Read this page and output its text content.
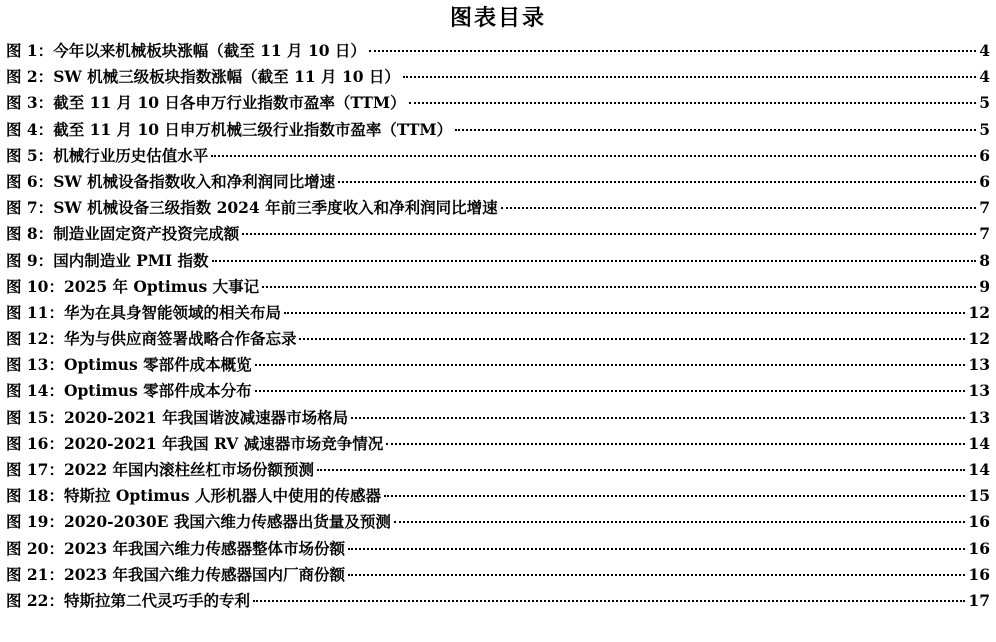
图表目录
图 1： 今年以来机械板块涨幅（截至 11 月 10 日）	4
图 2： SW 机械三级板块指数涨幅（截至 11 月 10 日）	4
图 3： 截至 11 月 10 日各申万行业指数市盈率（TTM）	5
图 4： 截至 11 月 10 日申万机械三级行业指数市盈率（TTM）	5
图 5： 机械行业历史估值水平	6
图 6： SW 机械设备指数收入和净利润同比增速	6
图 7： SW 机械设备三级指数 2024 年前三季度收入和净利润同比增速	7
图 8： 制造业固定资产投资完成额	7
图 9： 国内制造业 PMI 指数	8
图 10： 2025 年 Optimus 大事记	9
图 11： 华为在具身智能领域的相关布局	12
图 12： 华为与供应商签署战略合作备忘录	12
图 13： Optimus 零部件成本概览	13
图 14： Optimus 零部件成本分布	13
图 15： 2020-2021 年我国谐波减速器市场格局	13
图 16： 2020-2021 年我国 RV 减速器市场竞争情况	14
图 17： 2022 年国内滚柱丝杠市场份额预测	14
图 18： 特斯拉 Optimus 人形机器人中使用的传感器	15
图 19： 2020-2030E 我国六维力传感器出货量及预测	16
图 20： 2023 年我国六维力传感器整体市场份额	16
图 21： 2023 年我国六维力传感器国内厂商份额	16
图 22： 特斯拉第二代灵巧手的专利	17
